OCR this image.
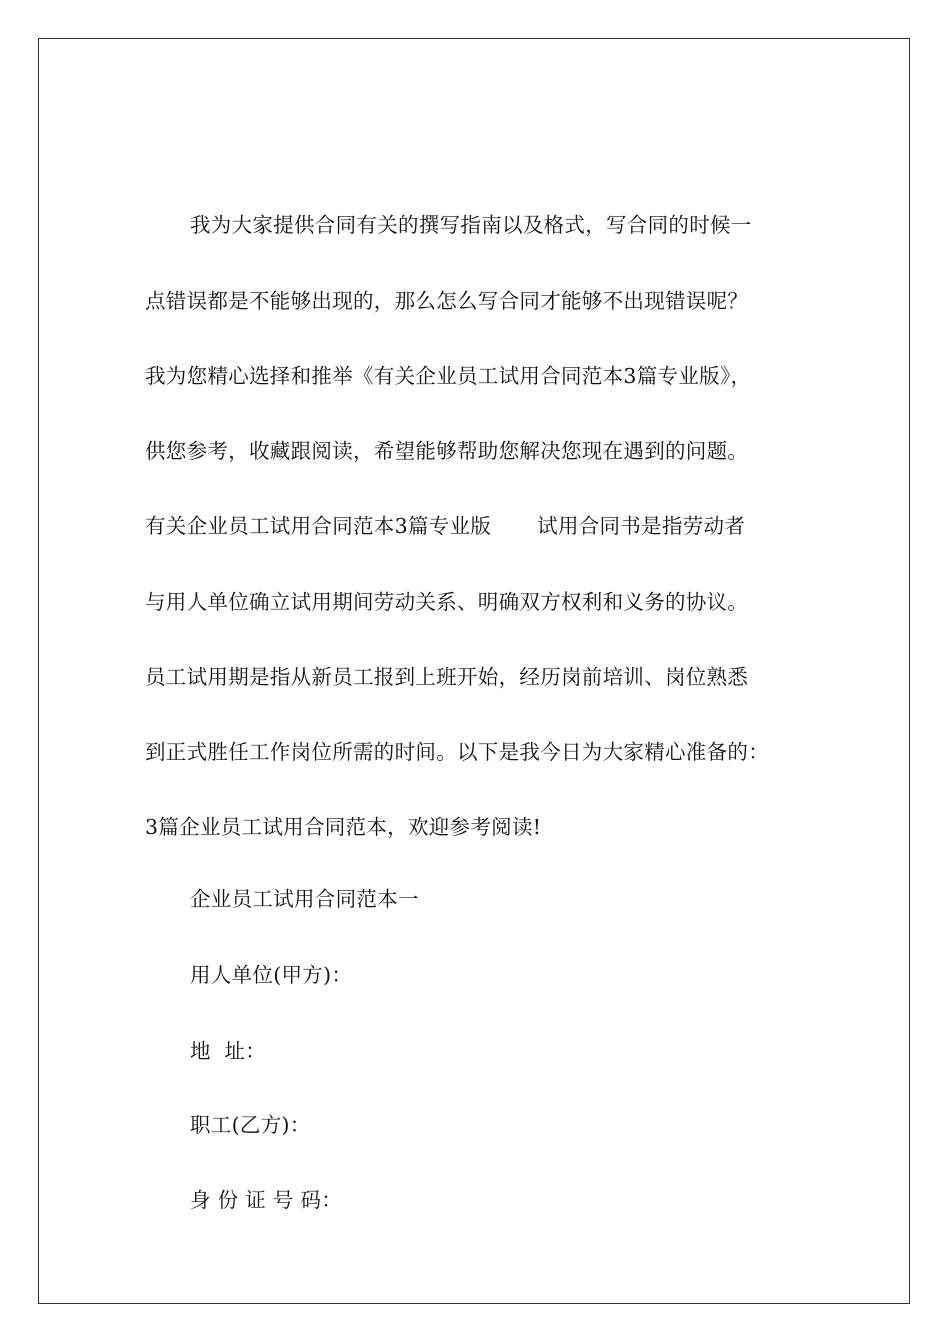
我为大家提供合同有关的撰写指南以及格式，写合同的时候一
点错误都是不能够出现的，那么怎么写合同才能够不出现错误呢？
我为您精心选择和推举《有关企业员工试用合同范本3篇专业版》，
供您参考，收藏跟阅读，希望能够帮助您解决您现在遇到的问题。
有关企业员工试用合同范本3篇专业版 试用合同书是指劳动者
与用人单位确立试用期间劳动关系、明确双方权利和义务的协议。
员工试用期是指从新员工报到上班开始，经历岗前培训、岗位熟悉
到正式胜任工作岗位所需的时间。以下是我今日为大家精心准备的：
3篇企业员工试用合同范本，欢迎参考阅读!
企业员工试用合同范本一
用人单位(甲方)：
地  址：
职工(乙方)：
身 份 证 号 码：
